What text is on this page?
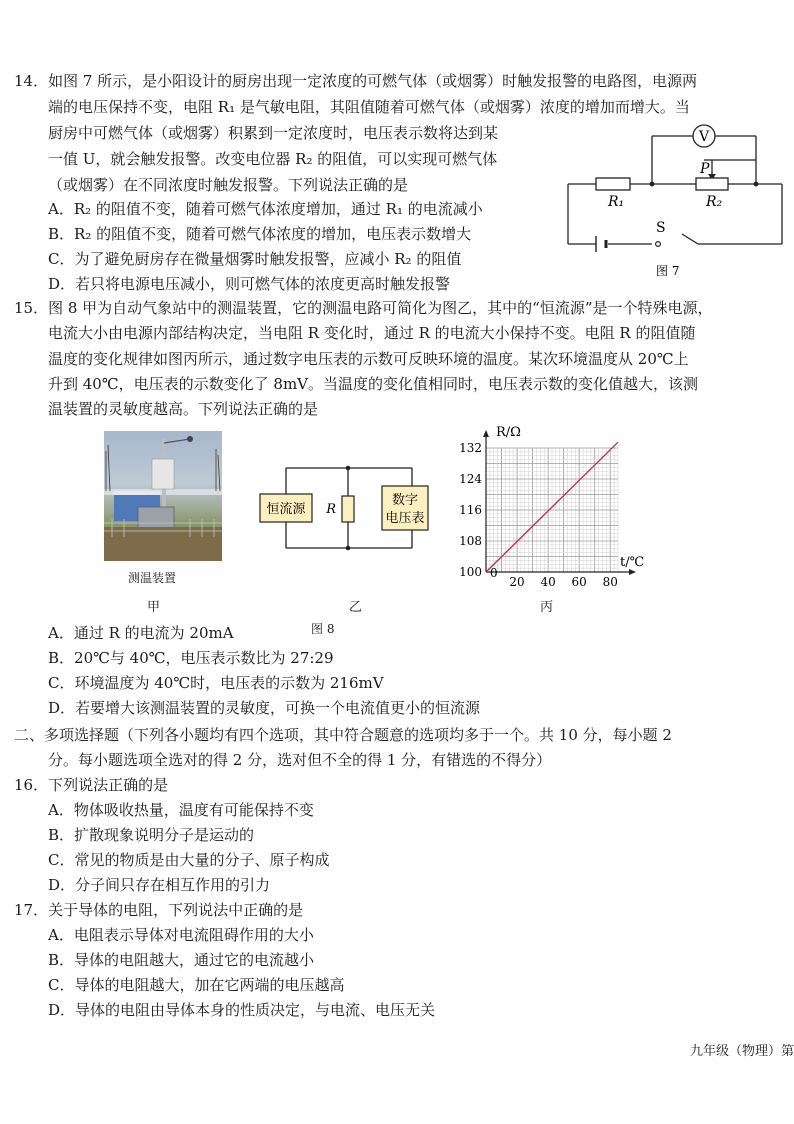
14．如图 7 所示，是小阳设计的厨房出现一定浓度的可燃气体（或烟雾）时触发报警的电路图，电源两
端的电压保持不变，电阻 R₁ 是气敏电阻，其阻值随着可燃气体（或烟雾）浓度的增加而增大。当
厨房中可燃气体（或烟雾）积累到一定浓度时，电压表示数将达到某
一值 U，就会触发报警。改变电位器 R₂ 的阻值，可以实现可燃气体
（或烟雾）在不同浓度时触发报警。下列说法正确的是
A．R₂ 的阻值不变，随着可燃气体浓度增加，通过 R₁ 的电流减小
B．R₂ 的阻值不变，随着可燃气体浓度的增加，电压表示数增大
C．为了避免厨房存在微量烟雾时触发报警，应减小 R₂ 的阻值
D．若只将电源电压减小，则可燃气体的浓度更高时触发报警
V
P
R₁	R₂
S
图 7
15．图 8 甲为自动气象站中的测温装置，它的测温电路可简化为图乙，其中的“恒流源”是一个特殊电源，
电流大小由电源内部结构决定，当电阻 R 变化时，通过 R 的电流大小保持不变。电阻 R 的阻值随
温度的变化规律如图丙所示，通过数字电压表的示数可反映环境的温度。某次环境温度从 20℃上
升到 40℃，电压表的示数变化了 8mV。当温度的变化值相同时，电压表示数的变化值越大，该测
温装置的灵敏度越高。下列说法正确的是
测温装置
甲
恒流源 R
数字
电压表
乙
图 8
100
108
116
124
132
0
20 40 60 80
R/Ω
t/℃
丙
A．通过 R 的电流为 20mA
B．20℃与 40℃，电压表示数比为 27:29
C．环境温度为 40℃时，电压表的示数为 216mV
D．若要增大该测温装置的灵敏度，可换一个电流值更小的恒流源
二、多项选择题（下列各小题均有四个选项，其中符合题意的选项均多于一个。共 10 分，每小题 2
分。每小题选项全选对的得 2 分，选对但不全的得 1 分，有错选的不得分）
16．下列说法正确的是
A．物体吸收热量，温度有可能保持不变
B．扩散现象说明分子是运动的
C．常见的物质是由大量的分子、原子构成
D．分子间只存在相互作用的引力
17．关于导体的电阻，下列说法中正确的是
A．电阻表示导体对电流阻碍作用的大小
B．导体的电阻越大，通过它的电流越小
C．导体的电阻越大，加在它两端的电压越高
D．导体的电阻由导体本身的性质决定，与电流、电压无关
九年级（物理）第
